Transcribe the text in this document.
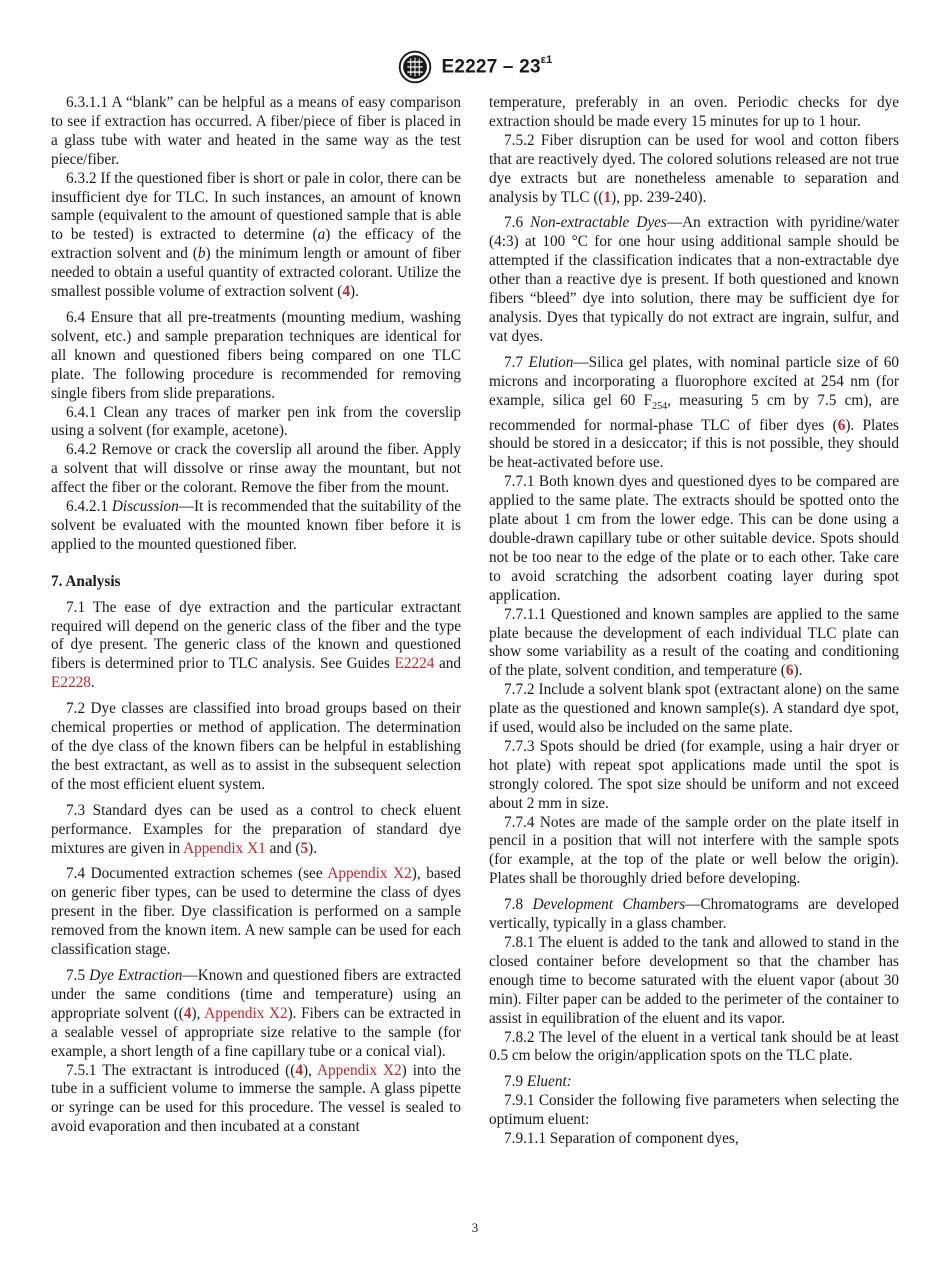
$E2227 - 23^{\varepsilon 1}$

6.3.1.1 A “blank” can be helpful as a means of easy comparison to see if extraction has occurred. A fiber/piece of fiber is placed in a glass tube with water and heated in the same way as the test piece/fiber.

6.3.2 If the questioned fiber is short or pale in color, there can be insufficient dye for TLC. In such instances, an amount of known sample (equivalent to the amount of questioned sample that is able to be tested) is extracted to determine (a) the efficacy of the extraction solvent and (b) the minimum length or amount of fiber needed to obtain a useful quantity of extracted colorant. Utilize the smallest possible volume of extraction solvent (4).

6.4 Ensure that all pre-treatments (mounting medium, washing solvent, etc.) and sample preparation techniques are identical for all known and questioned fibers being compared on one TLC plate. The following procedure is recommended for removing single fibers from slide preparations.

6.4.1 Clean any traces of marker pen ink from the coverslip using a solvent (for example, acetone).

6.4.2 Remove or crack the coverslip all around the fiber. Apply a solvent that will dissolve or rinse away the mountant, but not affect the fiber or the colorant. Remove the fiber from the mount.

6.4.2.1 Discussion—It is recommended that the suitability of the solvent be evaluated with the mounted known fiber before it is applied to the mounted questioned fiber.

7. Analysis

7.1 The ease of dye extraction and the particular extractant required will depend on the generic class of the fiber and the type of dye present. The generic class of the known and questioned fibers is determined prior to TLC analysis. See Guides E2224 and E2228.

7.2 Dye classes are classified into broad groups based on their chemical properties or method of application. The determination of the dye class of the known fibers can be helpful in establishing the best extractant, as well as to assist in the subsequent selection of the most efficient eluent system.

7.3 Standard dyes can be used as a control to check eluent performance. Examples for the preparation of standard dye mixtures are given in Appendix X1 and (5).

7.4 Documented extraction schemes (see Appendix X2), based on generic fiber types, can be used to determine the class of dyes present in the fiber. Dye classification is performed on a sample removed from the known item. A new sample can be used for each classification stage.

7.5 Dye Extraction—Known and questioned fibers are extracted under the same conditions (time and temperature) using an appropriate solvent ((4), Appendix X2). Fibers can be extracted in a sealable vessel of appropriate size relative to the sample (for example, a short length of a fine capillary tube or a conical vial).

7.5.1 The extractant is introduced ((4), Appendix X2) into the tube in a sufficient volume to immerse the sample. A glass pipette or syringe can be used for this procedure. The vessel is sealed to avoid evaporation and then incubated at a constant

temperature, preferably in an oven. Periodic checks for dye extraction should be made every 15 minutes for up to 1 hour.

7.5.2 Fiber disruption can be used for wool and cotton fibers that are reactively dyed. The colored solutions released are not true dye extracts but are nonetheless amenable to separation and analysis by TLC ((1), pp. 239-240).

7.6 Non-extractable Dyes—An extraction with pyridine/water (4:3) at 100 °C for one hour using additional sample should be attempted if the classification indicates that a non-extractable dye other than a reactive dye is present. If both questioned and known fibers “bleed” dye into solution, there may be sufficient dye for analysis. Dyes that typically do not extract are ingrain, sulfur, and vat dyes.

7.7 Elution—Silica gel plates, with nominal particle size of 60 microns and incorporating a fluorophore excited at 254 nm (for example, silica gel 60 $F_{254}$, measuring 5 cm by 7.5 cm), are recommended for normal-phase TLC of fiber dyes (6). Plates should be stored in a desiccator; if this is not possible, they should be heat-activated before use.

7.7.1 Both known dyes and questioned dyes to be compared are applied to the same plate. The extracts should be spotted onto the plate about 1 cm from the lower edge. This can be done using a double-drawn capillary tube or other suitable device. Spots should not be too near to the edge of the plate or to each other. Take care to avoid scratching the adsorbent coating layer during spot application.

7.7.1.1 Questioned and known samples are applied to the same plate because the development of each individual TLC plate can show some variability as a result of the coating and conditioning of the plate, solvent condition, and temperature (6).

7.7.2 Include a solvent blank spot (extractant alone) on the same plate as the questioned and known sample(s). A standard dye spot, if used, would also be included on the same plate.

7.7.3 Spots should be dried (for example, using a hair dryer or hot plate) with repeat spot applications made until the spot is strongly colored. The spot size should be uniform and not exceed about 2 mm in size.

7.7.4 Notes are made of the sample order on the plate itself in pencil in a position that will not interfere with the sample spots (for example, at the top of the plate or well below the origin). Plates shall be thoroughly dried before developing.

7.8 Development Chambers—Chromatograms are developed vertically, typically in a glass chamber.

7.8.1 The eluent is added to the tank and allowed to stand in the closed container before development so that the chamber has enough time to become saturated with the eluent vapor (about 30 min). Filter paper can be added to the perimeter of the container to assist in equilibration of the eluent and its vapor.

7.8.2 The level of the eluent in a vertical tank should be at least 0.5 cm below the origin/application spots on the TLC plate.

7.9 Eluent:

7.9.1 Consider the following five parameters when selecting the optimum eluent:

7.9.1.1 Separation of component dyes,

3
